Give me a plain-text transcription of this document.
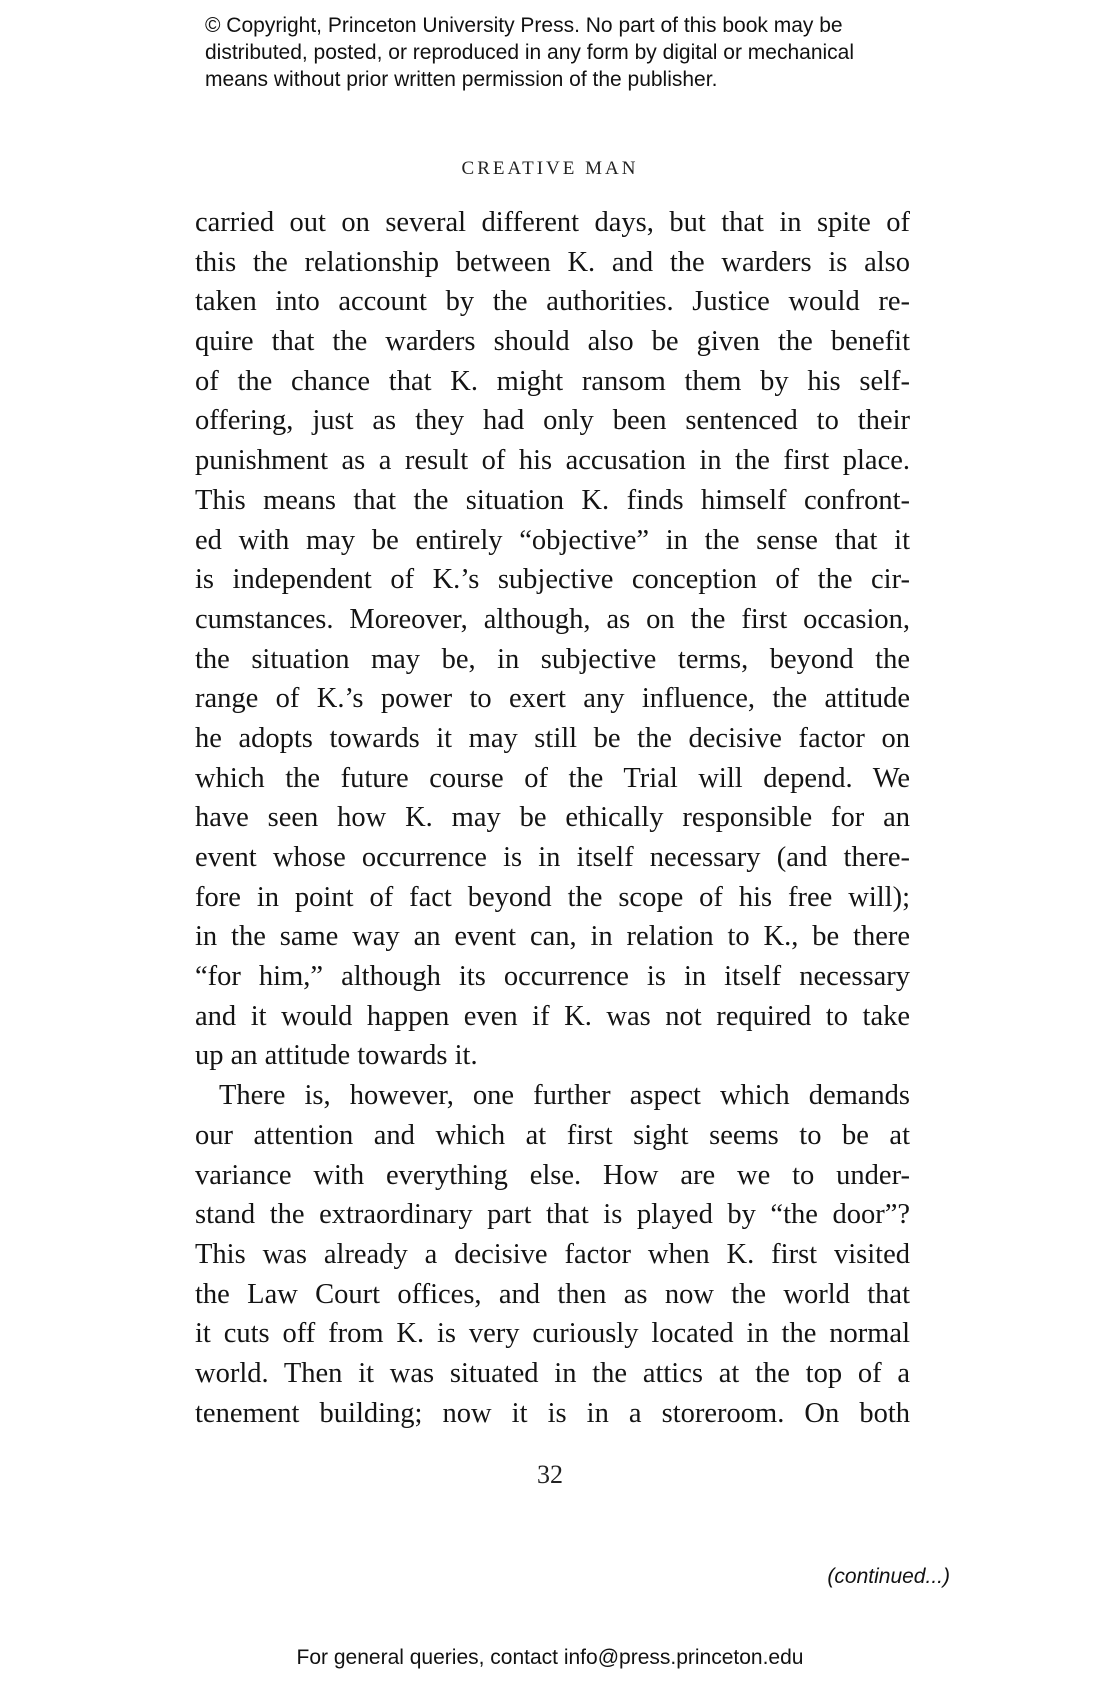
© Copyright, Princeton University Press. No part of this book may be
distributed, posted, or reproduced in any form by digital or mechanical
means without prior written permission of the publisher.
CREATIVE MAN
carried out on several different days, but that in spite of
this the relationship between K. and the warders is also
taken into account by the authorities. Justice would re-
quire that the warders should also be given the benefit
of the chance that K. might ransom them by his self-
offering, just as they had only been sentenced to their
punishment as a result of his accusation in the first place.
This means that the situation K. finds himself confront-
ed with may be entirely “objective” in the sense that it
is independent of K.’s subjective conception of the cir-
cumstances. Moreover, although, as on the first occasion,
the situation may be, in subjective terms, beyond the
range of K.’s power to exert any influence, the attitude
he adopts towards it may still be the decisive factor on
which the future course of the Trial will depend. We
have seen how K. may be ethically responsible for an
event whose occurrence is in itself necessary (and there-
fore in point of fact beyond the scope of his free will);
in the same way an event can, in relation to K., be there
“for him,” although its occurrence is in itself necessary
and it would happen even if K. was not required to take
up an attitude towards it.
There is, however, one further aspect which demands
our attention and which at first sight seems to be at
variance with everything else. How are we to under-
stand the extraordinary part that is played by “the door”?
This was already a decisive factor when K. first visited
the Law Court offices, and then as now the world that
it cuts off from K. is very curiously located in the normal
world. Then it was situated in the attics at the top of a
tenement building; now it is in a storeroom. On both
32
(continued...)
For general queries, contact info@press.princeton.edu
